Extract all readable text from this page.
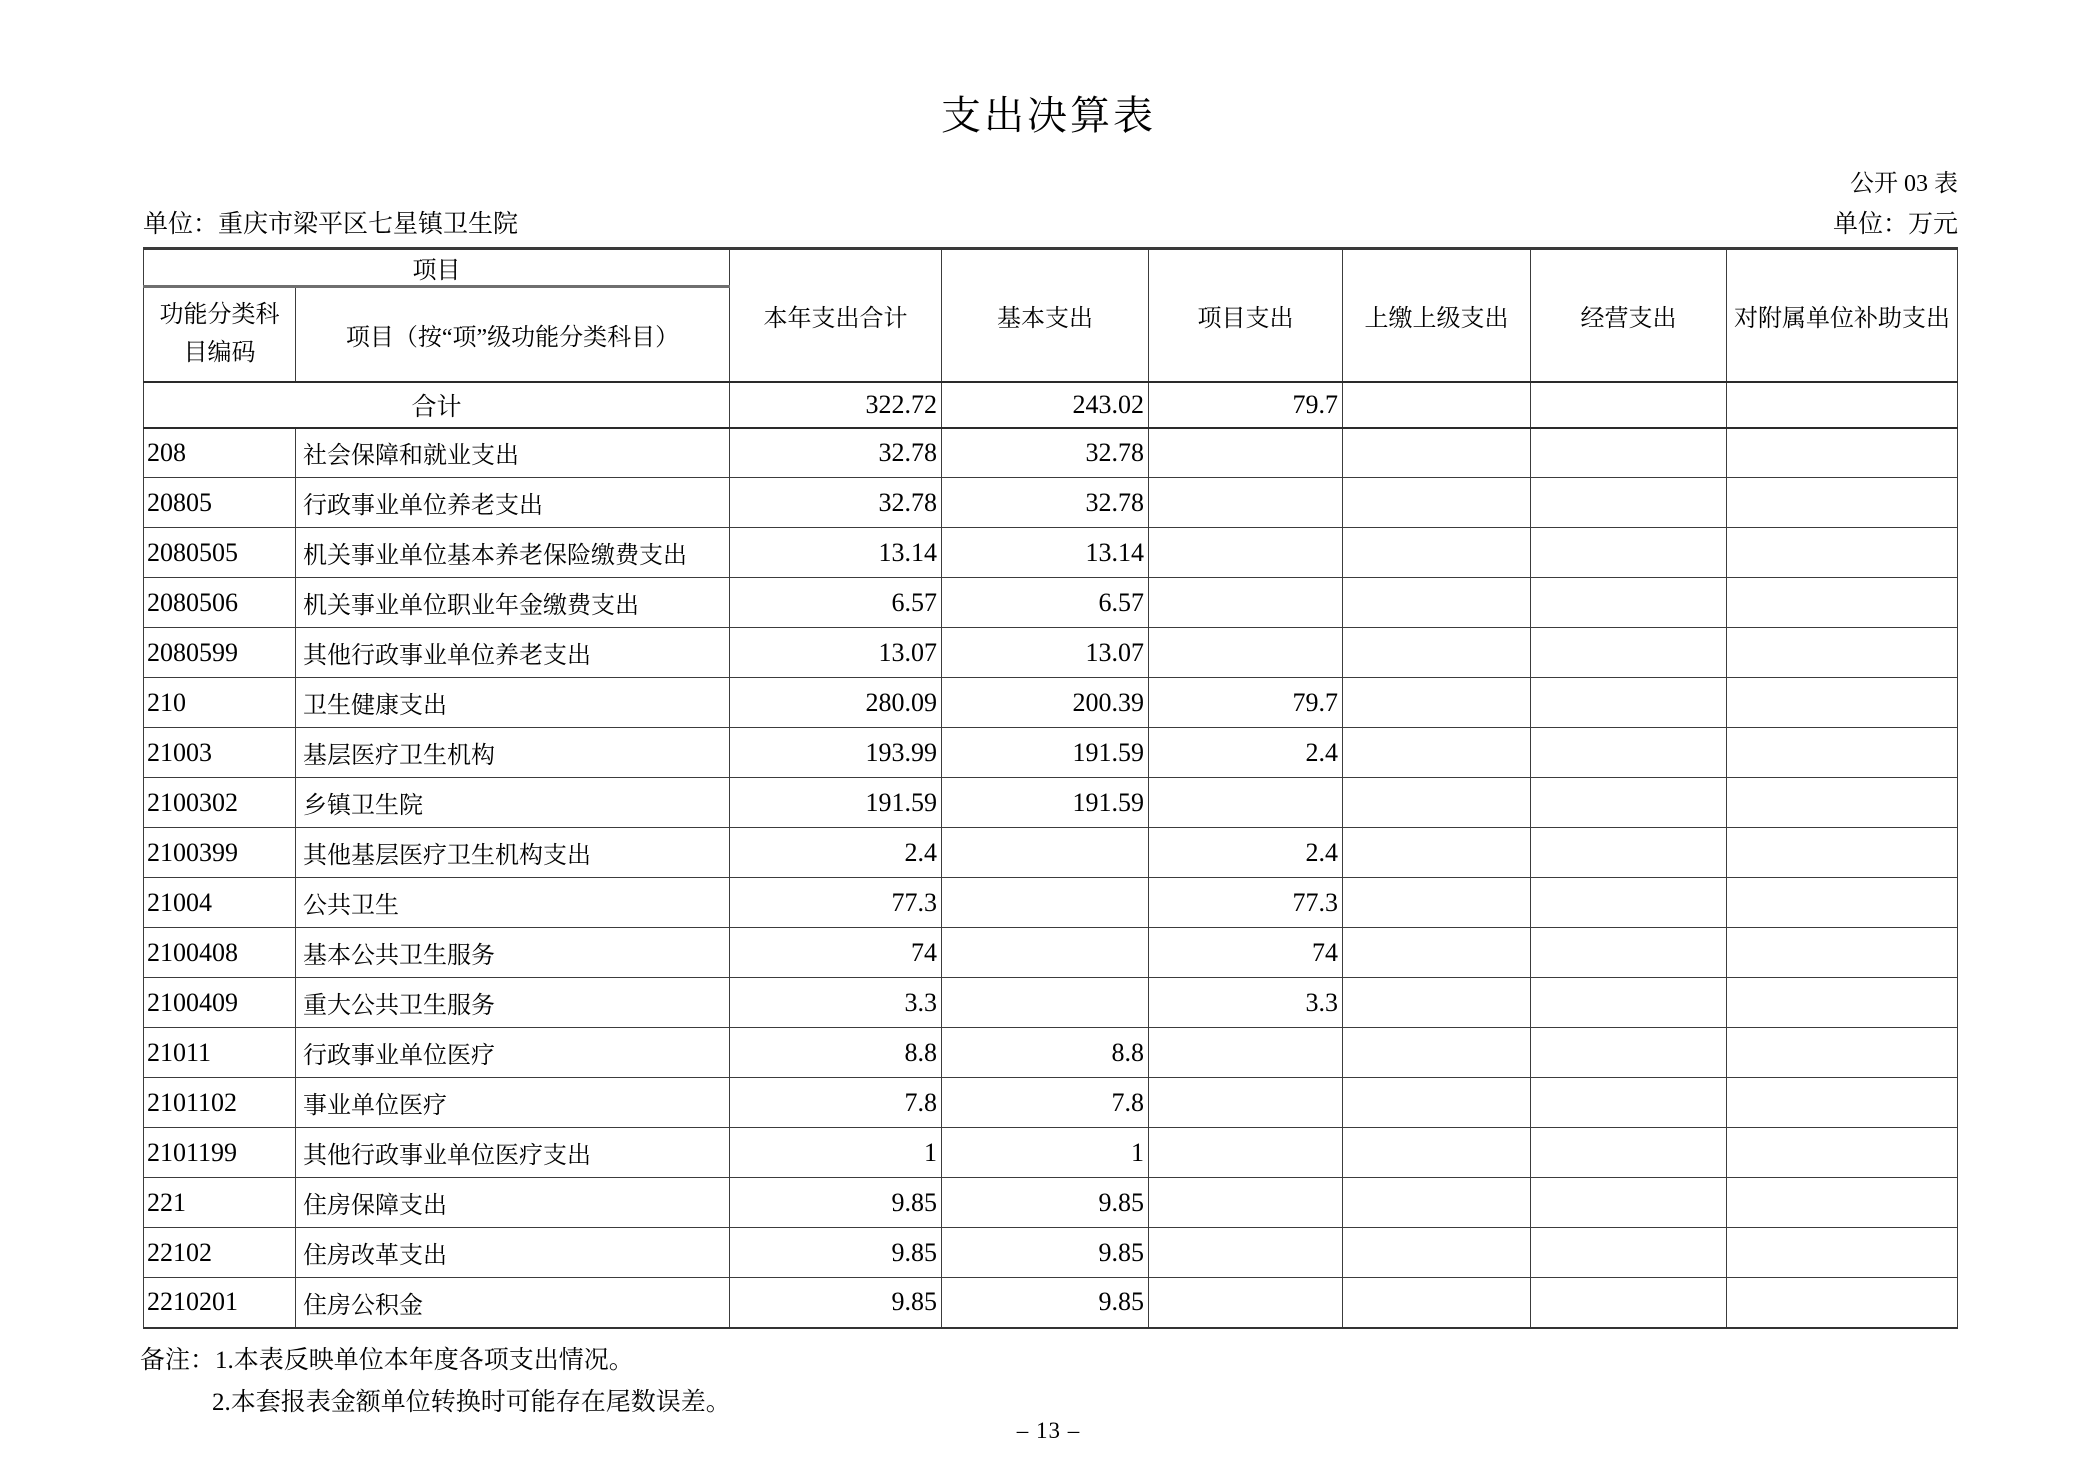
支出决算表
公开 03 表
单位：重庆市梁平区七星镇卫生院	单位：万元
项目		本年支出合计	基本支出	项目支出	上缴上级支出	经营支出	对附属单位补助支出
功能分类科目编码	项目（按“项”级功能分类科目）						
合计		322.72	243.02	79.7			
208	社会保障和就业支出	32.78	32.78				
20805	行政事业单位养老支出	32.78	32.78				
2080505	机关事业单位基本养老保险缴费支出	13.14	13.14				
2080506	机关事业单位职业年金缴费支出	6.57	6.57				
2080599	其他行政事业单位养老支出	13.07	13.07				
210	卫生健康支出	280.09	200.39	79.7			
21003	基层医疗卫生机构	193.99	191.59	2.4			
2100302	乡镇卫生院	191.59	191.59				
2100399	其他基层医疗卫生机构支出	2.4		2.4			
21004	公共卫生	77.3		77.3			
2100408	基本公共卫生服务	74		74			
2100409	重大公共卫生服务	3.3		3.3			
21011	行政事业单位医疗	8.8	8.8				
2101102	事业单位医疗	7.8	7.8				
2101199	其他行政事业单位医疗支出	1	1				
221	住房保障支出	9.85	9.85				
22102	住房改革支出	9.85	9.85				
2210201	住房公积金	9.85	9.85				
备注：1.本表反映单位本年度各项支出情况。
2.本套报表金额单位转换时可能存在尾数误差。
– 13 –
